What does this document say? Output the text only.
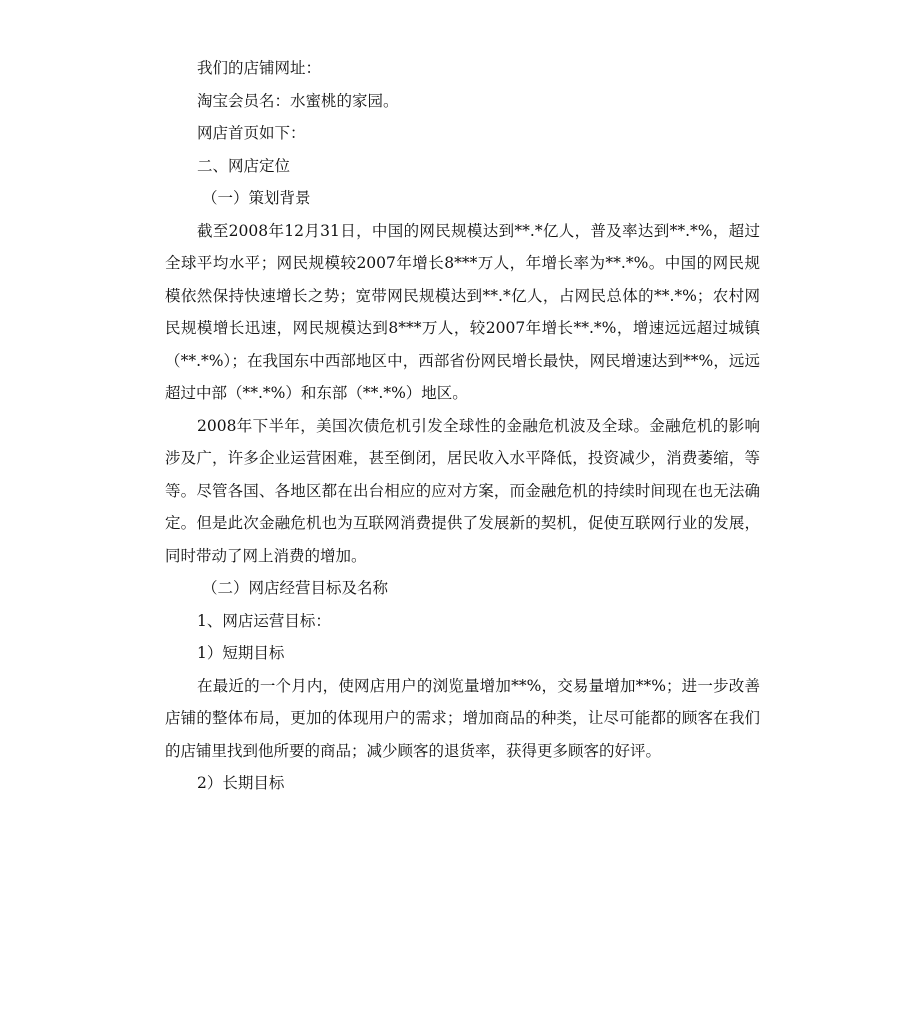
我们的店铺网址：

淘宝会员名：水蜜桃的家园。

网店首页如下：

二、网店定位

（一）策划背景

截至2008年12月31日，中国的网民规模达到**.*亿人，普及率达到**.*%，超过全球平均水平；网民规模较2007年增长8***万人，年增长率为**.*%。中国的网民规模依然保持快速增长之势；宽带网民规模达到**.*亿人，占网民总体的**.*%；农村网民规模增长迅速，网民规模达到8***万人，较2007年增长**.*%，增速远远超过城镇（**.*%）；在我国东中西部地区中，西部省份网民增长最快，网民增速达到**%，远远超过中部（**.*%）和东部（**.*%）地区。

2008年下半年，美国次债危机引发全球性的金融危机波及全球。金融危机的影响涉及广，许多企业运营困难，甚至倒闭，居民收入水平降低，投资减少，消费萎缩，等等。尽管各国、各地区都在出台相应的应对方案，而金融危机的持续时间现在也无法确定。但是此次金融危机也为互联网消费提供了发展新的契机，促使互联网行业的发展，同时带动了网上消费的增加。

（二）网店经营目标及名称

1、网店运营目标：

1）短期目标

在最近的一个月内，使网店用户的浏览量增加**%，交易量增加**%；进一步改善店铺的整体布局，更加的体现用户的需求；增加商品的种类，让尽可能都的顾客在我们的店铺里找到他所要的商品；减少顾客的退货率，获得更多顾客的好评。

2）长期目标
